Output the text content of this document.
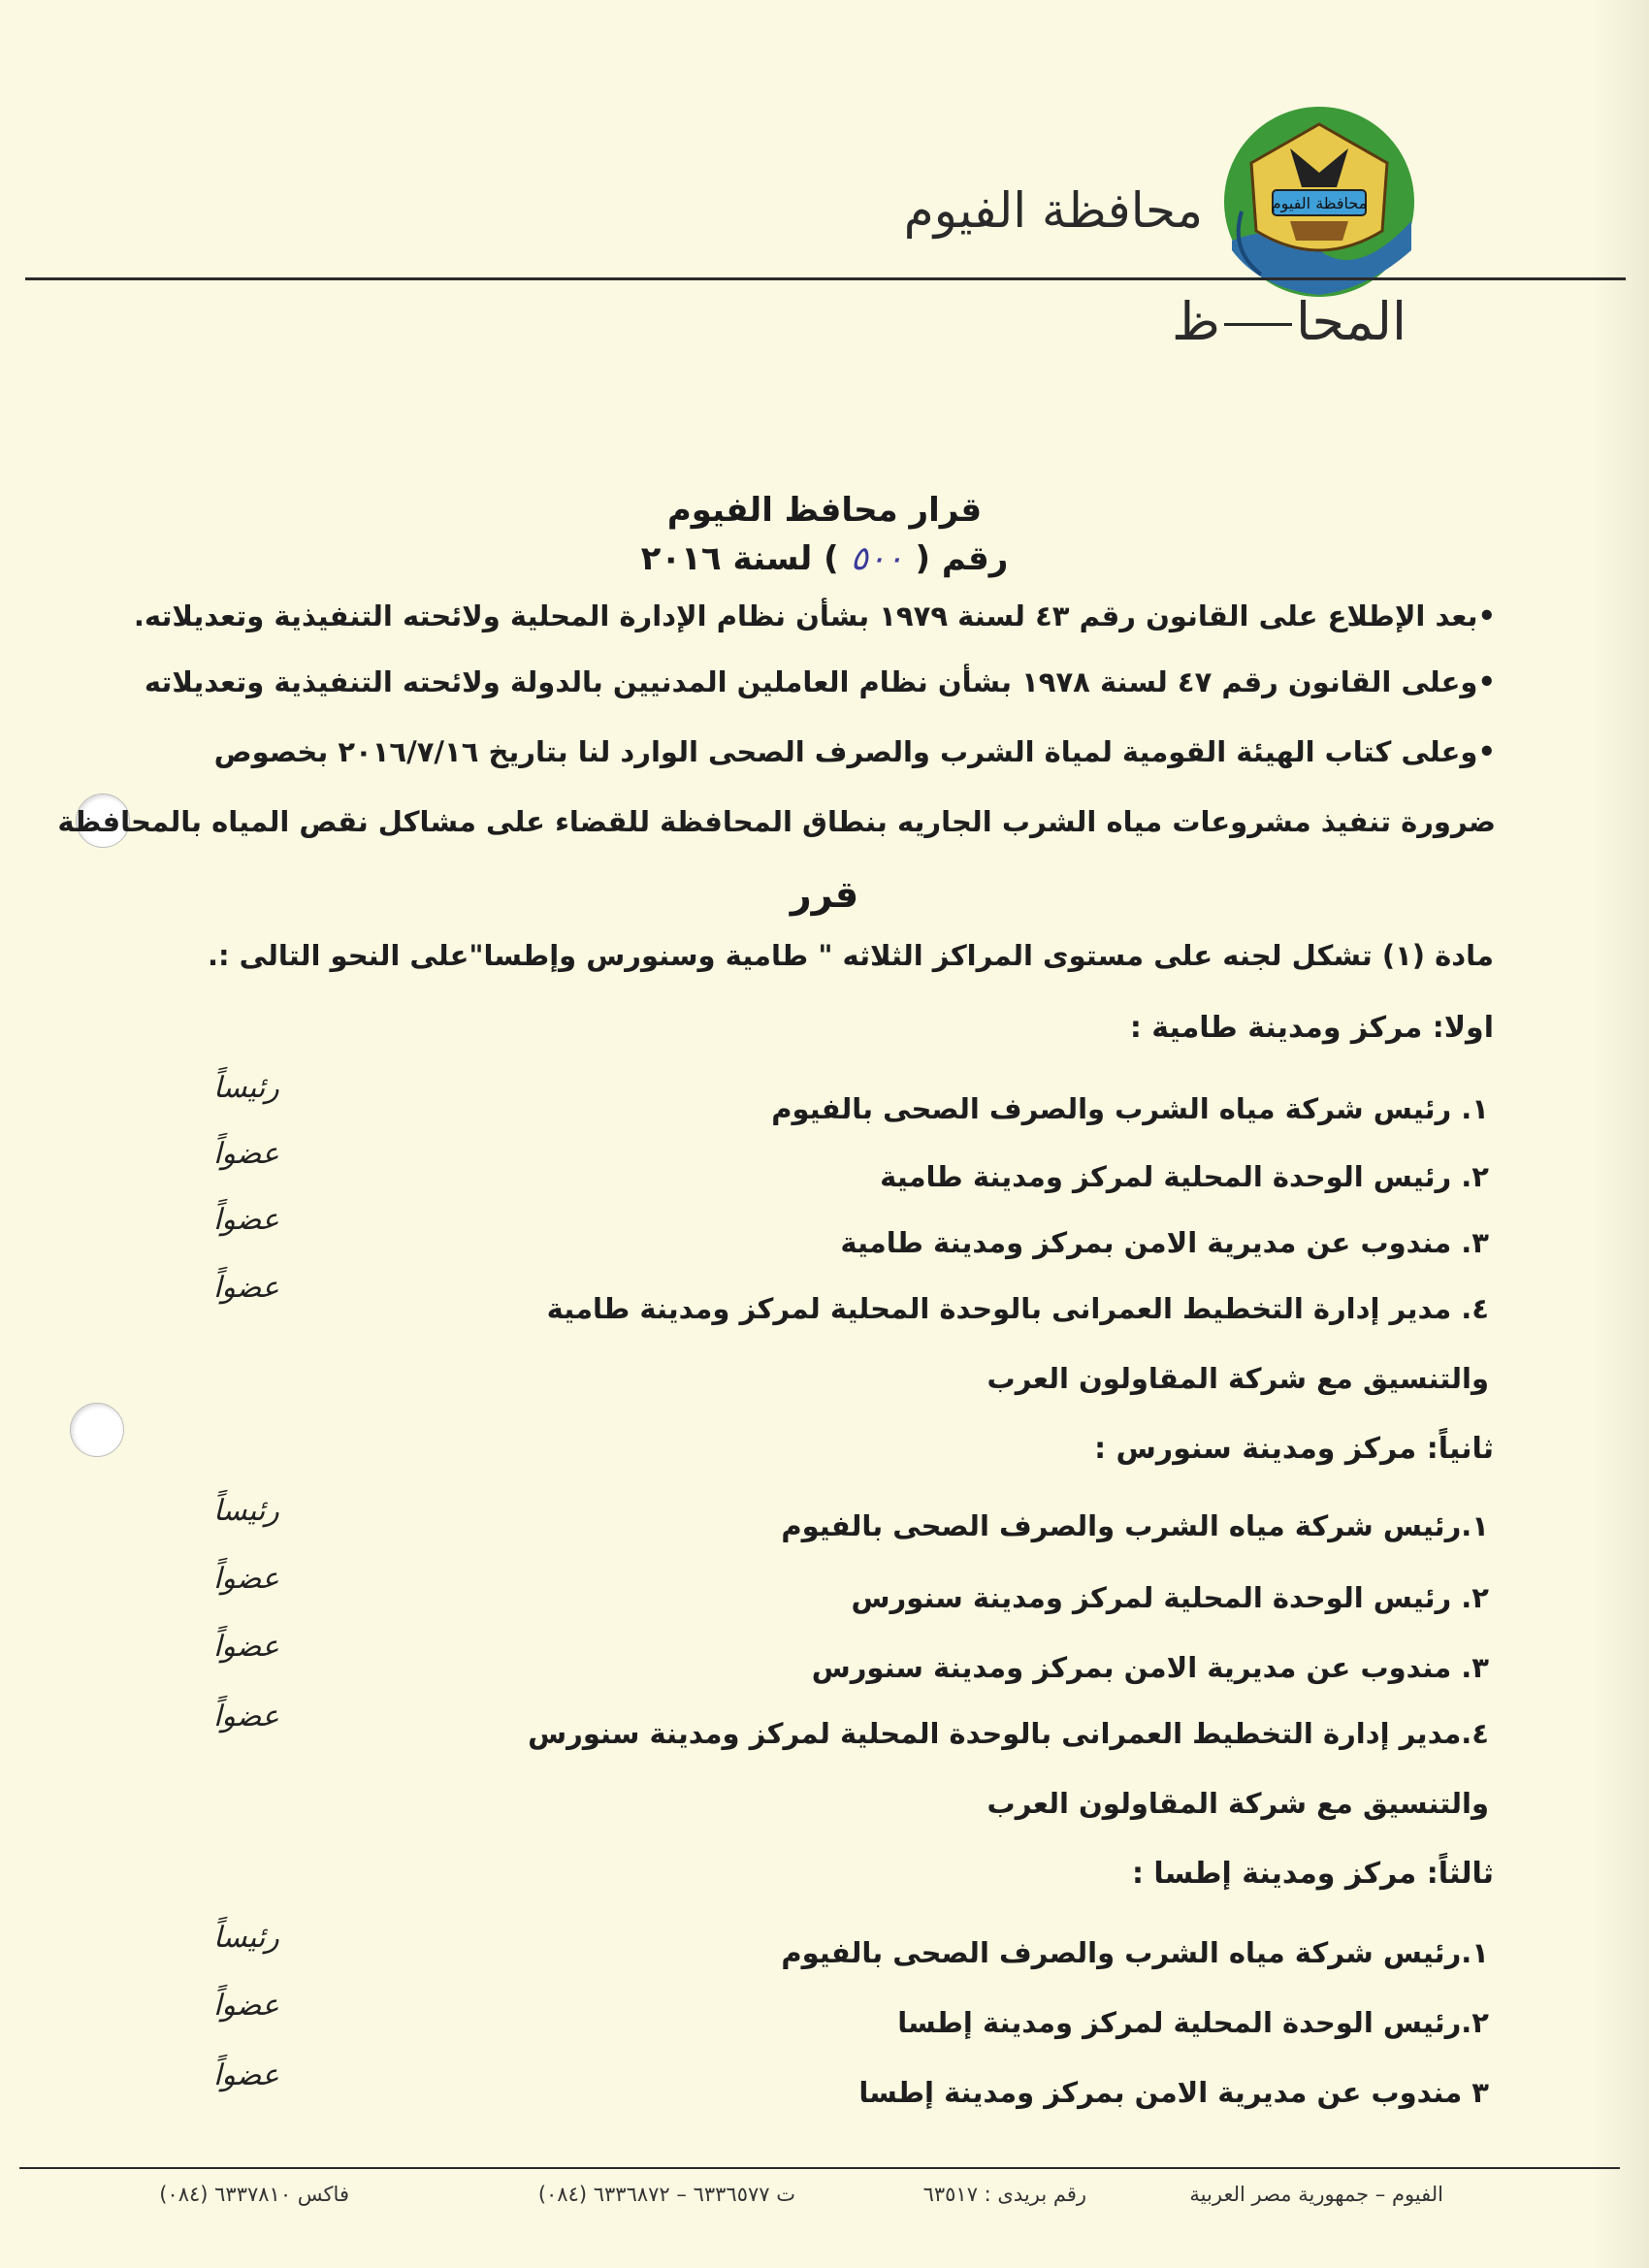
محافظة الفيوم
محافظة الفيوم
المحاظ
قرار محافظ الفيوم
رقم (٥٠٠) لسنة ٢٠١٦
•بعد الإطلاع على القانون رقم ٤٣ لسنة ١٩٧٩ بشأن نظام الإدارة المحلية ولائحته التنفيذية وتعديلاته.
•وعلى القانون رقم ٤٧ لسنة ١٩٧٨ بشأن نظام العاملين المدنيين بالدولة ولائحته التنفيذية وتعديلاته
•وعلى كتاب الهيئة القومية لمياة الشرب والصرف الصحى الوارد لنا بتاريخ ٢٠١٦/٧/١٦ بخصوص
ضرورة تنفيذ مشروعات مياه الشرب الجاريه بنطاق المحافظة للقضاء على مشاكل نقص المياه بالمحافظة
قرر
مادة (١) تشكل لجنه على مستوى المراكز الثلاثه " طامية وسنورس وإطسا"على النحو التالى :.
اولا: مركز ومدينة طامية :
١. رئيس شركة مياه الشرب والصرف الصحى بالفيوم
رئيساً
٢. رئيس الوحدة المحلية لمركز ومدينة طامية
عضواً
٣. مندوب عن مديرية الامن بمركز ومدينة طامية
عضواً
٤. مدير إدارة التخطيط العمرانى بالوحدة المحلية لمركز ومدينة طامية
عضواً
والتنسيق مع شركة المقاولون العرب
ثانياً: مركز ومدينة سنورس :
١.رئيس شركة مياه الشرب والصرف الصحى بالفيوم
رئيساً
٢. رئيس الوحدة المحلية لمركز ومدينة سنورس
عضواً
٣. مندوب عن مديرية الامن بمركز ومدينة سنورس
عضواً
٤.مدير إدارة التخطيط العمرانى بالوحدة المحلية لمركز ومدينة سنورس
عضواً
والتنسيق مع شركة المقاولون العرب
ثالثاً: مركز ومدينة إطسا :
١.رئيس شركة مياه الشرب والصرف الصحى بالفيوم
رئيساً
٢.رئيس الوحدة المحلية لمركز ومدينة إطسا
عضواً
٣ مندوب عن مديرية الامن بمركز ومدينة إطسا
عضواً
الفيوم – جمهورية مصر العربية
رقم بريدى : ٦٣٥١٧
ت ٦٣٣٦٥٧٧ – ٦٣٣٦٨٧٢ (٠٨٤)
فاكس ٦٣٣٧٨١٠ (٠٨٤)
